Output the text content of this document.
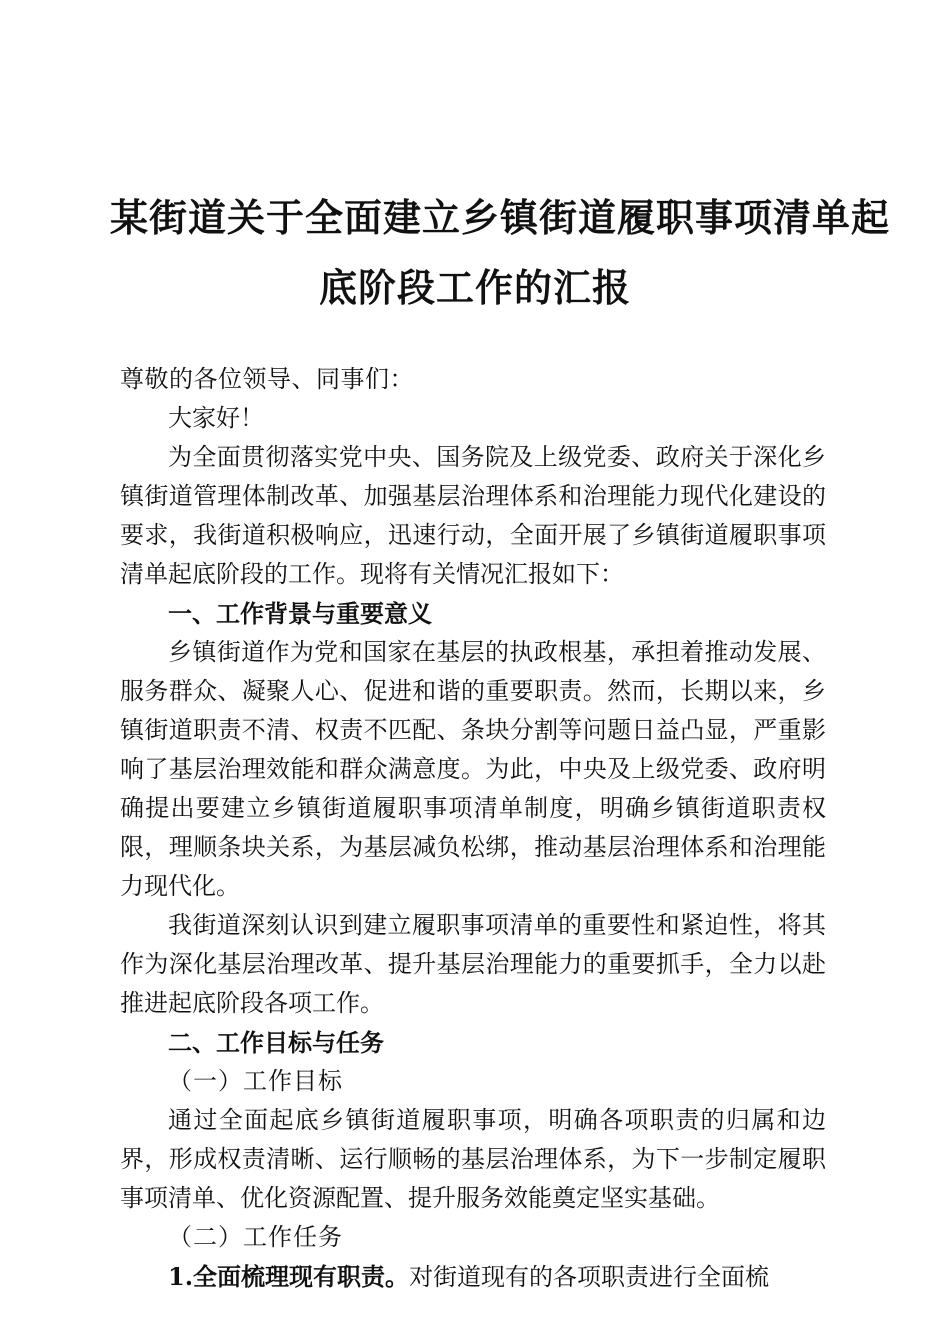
某街道关于全面建立乡镇街道履职事项清单起
底阶段工作的汇报

尊敬的各位领导、同事们：

大家好！

为全面贯彻落实党中央、国务院及上级党委、政府关于深化乡镇街道管理体制改革、加强基层治理体系和治理能力现代化建设的要求，我街道积极响应，迅速行动，全面开展了乡镇街道履职事项清单起底阶段的工作。现将有关情况汇报如下：

一、工作背景与重要意义

乡镇街道作为党和国家在基层的执政根基，承担着推动发展、服务群众、凝聚人心、促进和谐的重要职责。然而，长期以来，乡镇街道职责不清、权责不匹配、条块分割等问题日益凸显，严重影响了基层治理效能和群众满意度。为此，中央及上级党委、政府明确提出要建立乡镇街道履职事项清单制度，明确乡镇街道职责权限，理顺条块关系，为基层减负松绑，推动基层治理体系和治理能力现代化。

我街道深刻认识到建立履职事项清单的重要性和紧迫性，将其作为深化基层治理改革、提升基层治理能力的重要抓手，全力以赴推进起底阶段各项工作。

二、工作目标与任务

（一）工作目标

通过全面起底乡镇街道履职事项，明确各项职责的归属和边界，形成权责清晰、运行顺畅的基层治理体系，为下一步制定履职事项清单、优化资源配置、提升服务效能奠定坚实基础。

（二）工作任务

1.全面梳理现有职责。对街道现有的各项职责进行全面梳
